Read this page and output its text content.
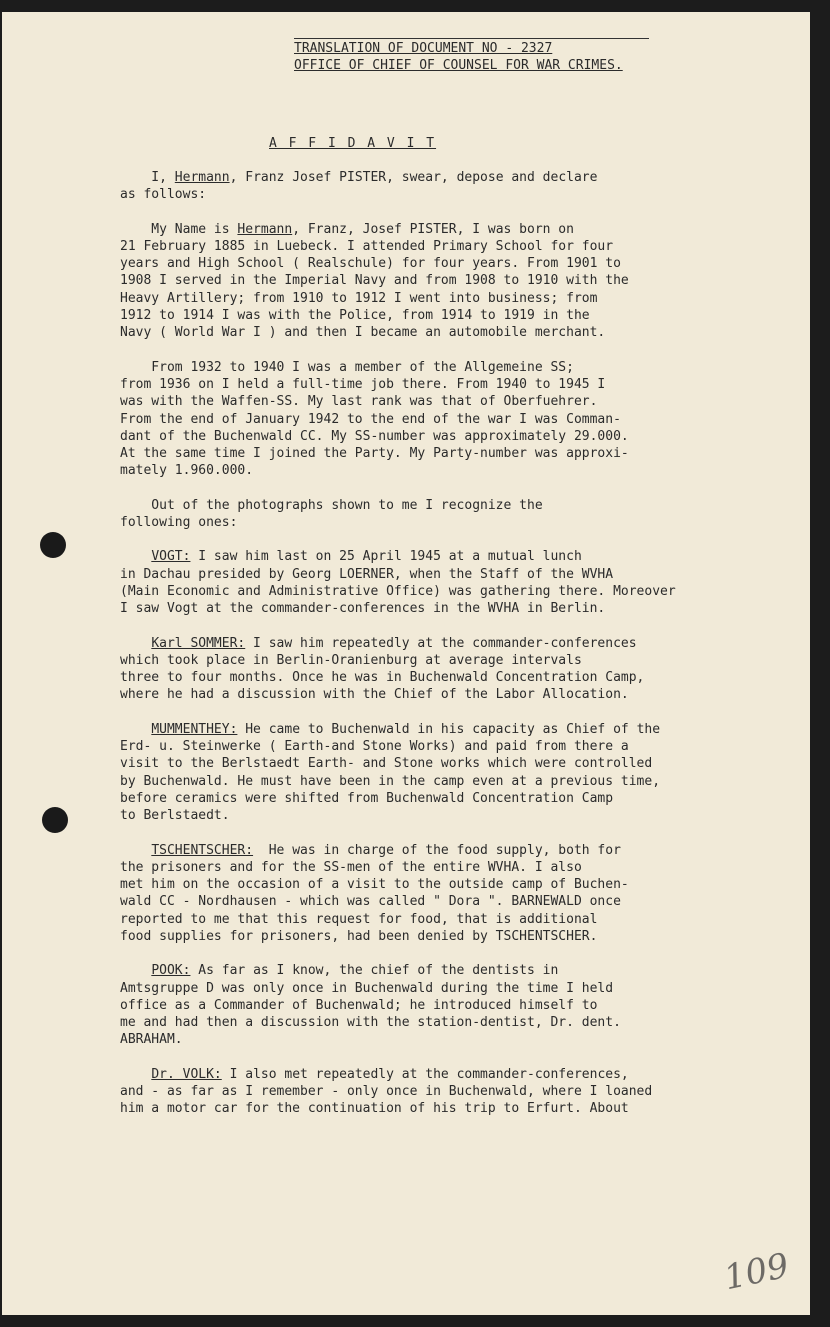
TRANSLATION OF DOCUMENT NO - 2327
OFFICE OF CHIEF OF COUNSEL FOR WAR CRIMES.
A F F I D A V I T

I, Hermann, Franz Josef PISTER, swear, depose and declare

as follows:

My Name is Hermann, Franz, Josef PISTER, I was born on

21 February 1885 in Luebeck. I attended Primary School for four

years and High School ( Realschule) for four years. From 1901 to

1908 I served in the Imperial Navy and from 1908 to 1910 with the

Heavy Artillery; from 1910 to 1912 I went into business; from

1912 to 1914 I was with the Police, from 1914 to 1919 in the

Navy ( World War I ) and then I became an automobile merchant.

From 1932 to 1940 I was a member of the Allgemeine SS;

from 1936 on I held a full-time job there. From 1940 to 1945 I

was with the Waffen-SS. My last rank was that of Oberfuehrer.

From the end of January 1942 to the end of the war I was Comman-

dant of the Buchenwald CC. My SS-number was approximately 29.000.

At the same time I joined the Party. My Party-number was approxi-

mately 1.960.000.

Out of the photographs shown to me I recognize the

following ones:

VOGT: I saw him last on 25 April 1945 at a mutual lunch

in Dachau presided by Georg LOERNER, when the Staff of the WVHA

(Main Economic and Administrative Office) was gathering there. Moreover

I saw Vogt at the commander-conferences in the WVHA in Berlin.

Karl SOMMER: I saw him repeatedly at the commander-conferences

which took place in Berlin-Oranienburg at average intervals

three to four months. Once he was in Buchenwald Concentration Camp,

where he had a discussion with the Chief of the Labor Allocation.

MUMMENTHEY: He came to Buchenwald in his capacity as Chief of the

Erd- u. Steinwerke ( Earth-and Stone Works) and paid from there a

visit to the Berlstaedt Earth- and Stone works which were controlled

by Buchenwald. He must have been in the camp even at a previous time,

before ceramics were shifted from Buchenwald Concentration Camp

to Berlstaedt.

TSCHENTSCHER:  He was in charge of the food supply, both for

the prisoners and for the SS-men of the entire WVHA. I also

met him on the occasion of a visit to the outside camp of Buchen-

wald CC - Nordhausen - which was called " Dora ". BARNEWALD once

reported to me that this request for food, that is additional

food supplies for prisoners, had been denied by TSCHENTSCHER.

POOK: As far as I know, the chief of the dentists in

Amtsgruppe D was only once in Buchenwald during the time I held

office as a Commander of Buchenwald; he introduced himself to

me and had then a discussion with the station-dentist, Dr. dent.

ABRAHAM.

Dr. VOLK: I also met repeatedly at the commander-conferences,

and - as far as I remember - only once in Buchenwald, where I loaned

him a motor car for the continuation of his trip to Erfurt. About

109
